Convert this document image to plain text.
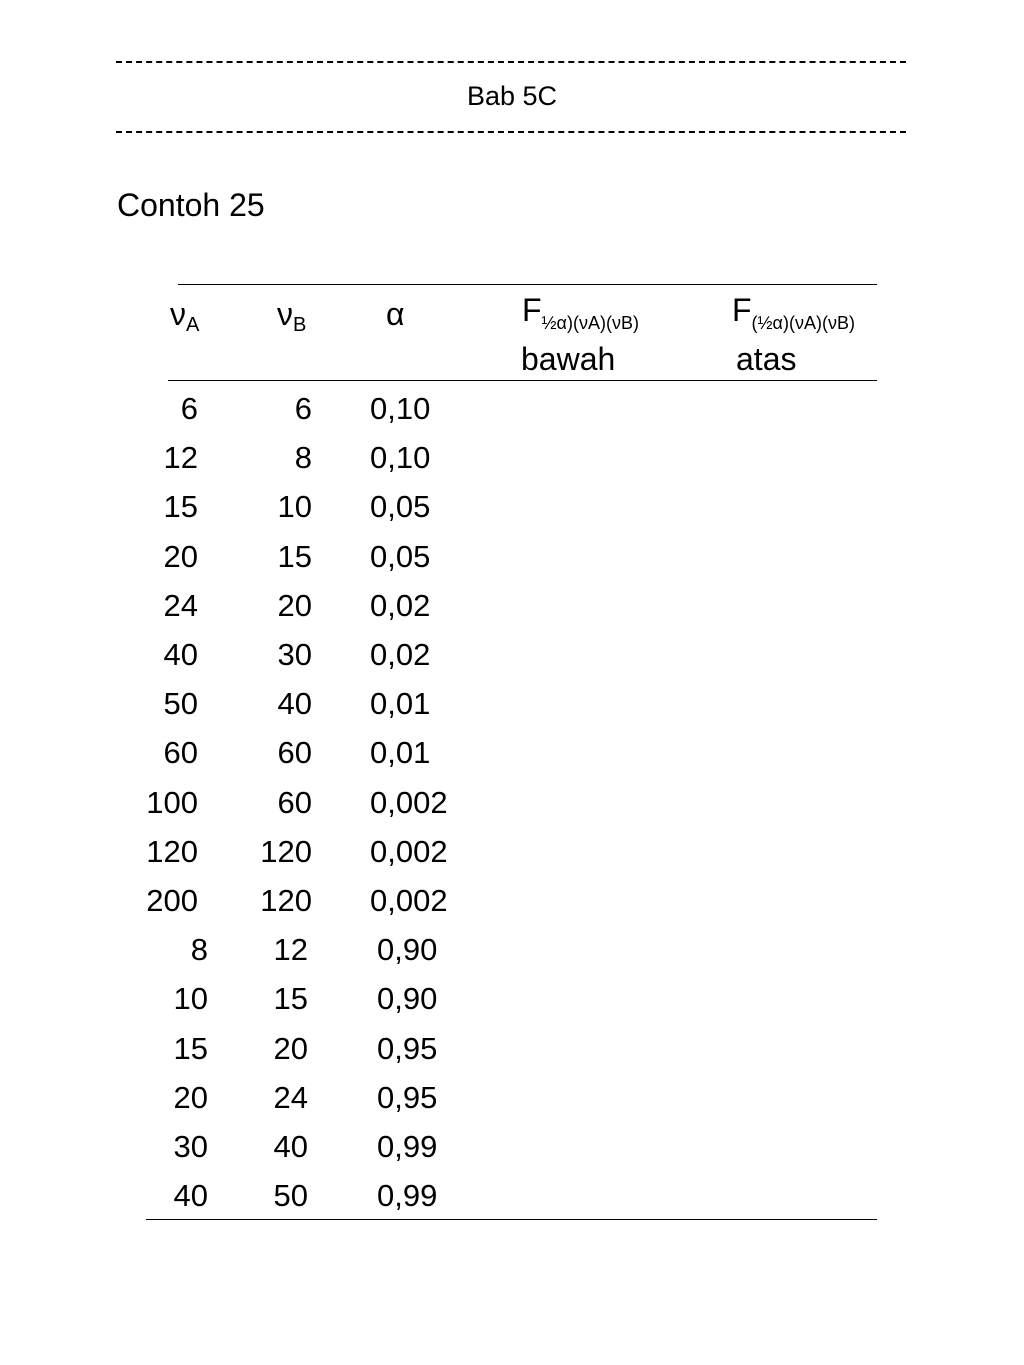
Bab 5C
Contoh 25
$\nu_A$ $\nu_B$ α	$F_{\frac{1}{2}\alpha)(\nu A)(\nu B)}$	$F_{(\frac{1}{2}\alpha)(\nu A)(\nu B)}$
bawah	atas
6	6 0,10
12	8 0,10
15	10 0,05
20	15 0,05
24	20 0,02
40	30 0,02
50	40 0,01
60	60 0,01
100	60 0,002
120 120 0,002
200 120 0,002
8 12 0,90
10 15 0,90
15 20 0,95
20 24 0,95
30 40 0,99
40 50 0,99
